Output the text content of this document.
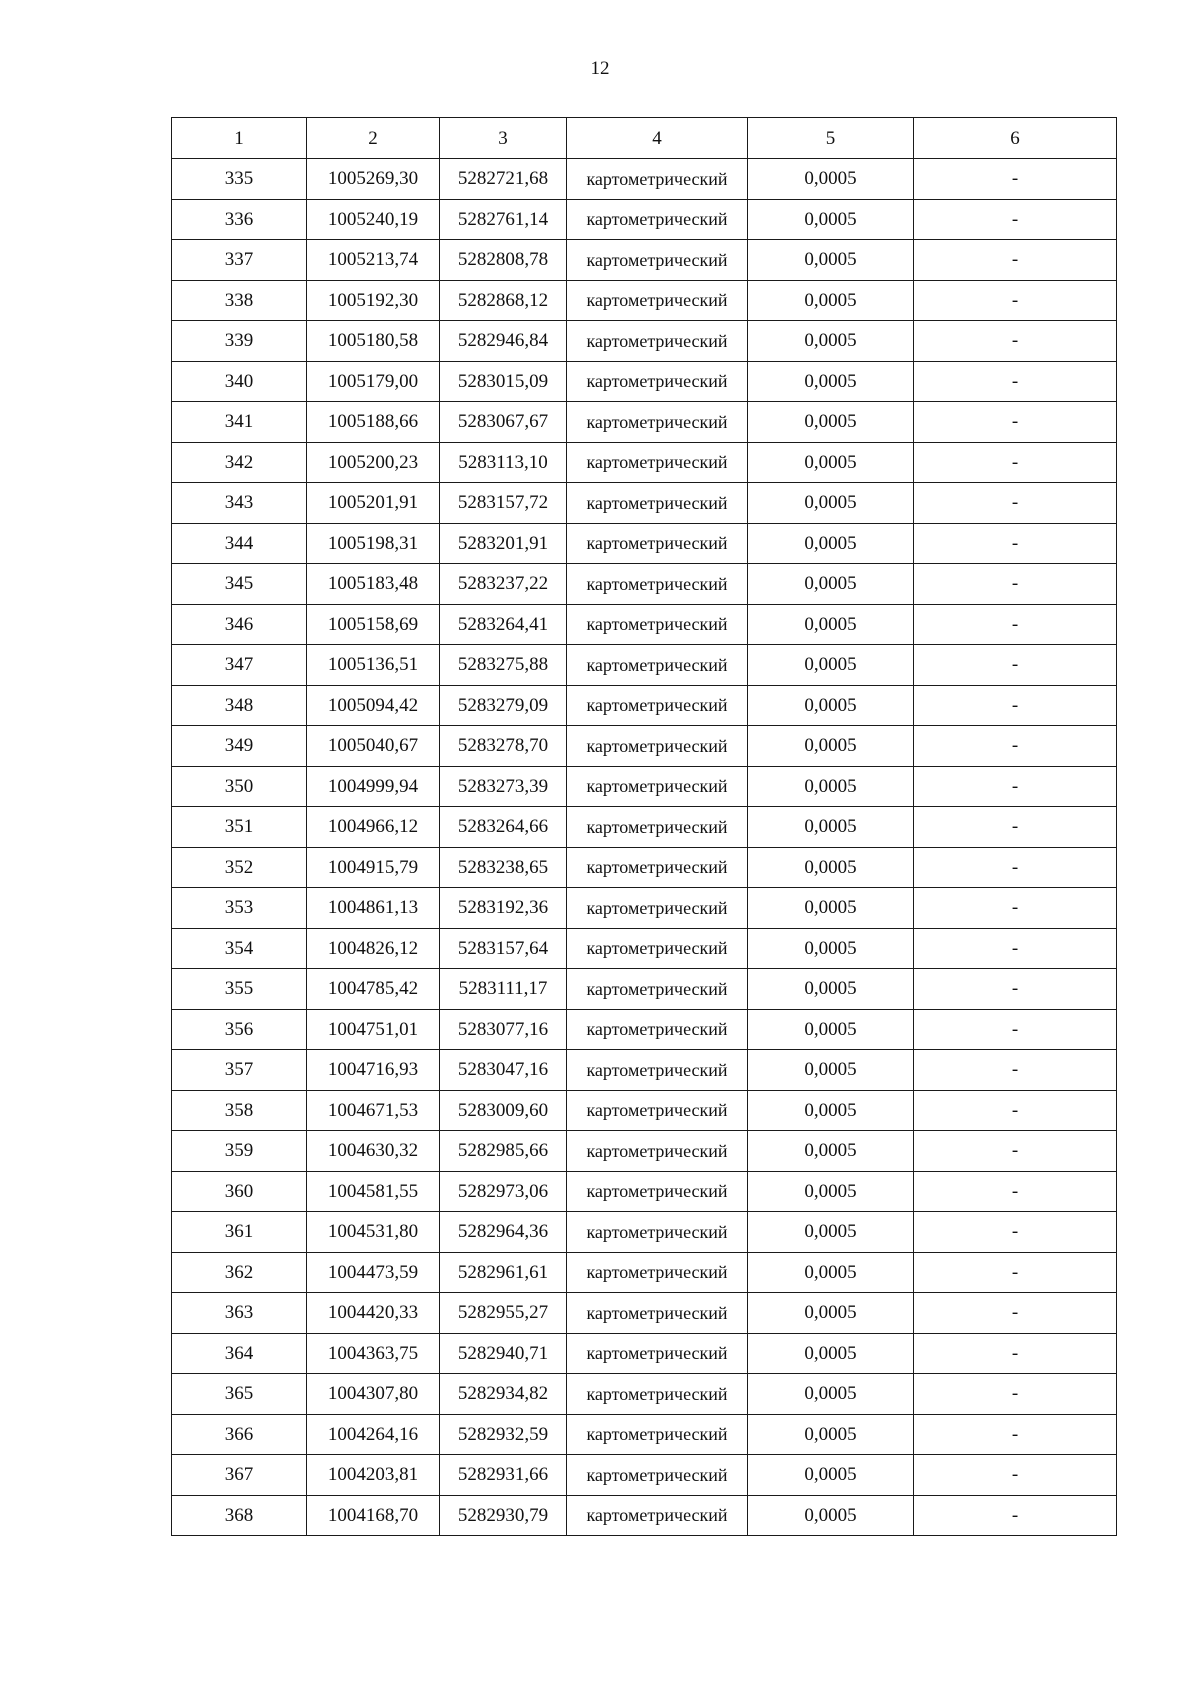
12
1	2	3	4	5	6
335	1005269,30	5282721,68	картометрический	0,0005	-
336	1005240,19	5282761,14	картометрический	0,0005	-
337	1005213,74	5282808,78	картометрический	0,0005	-
338	1005192,30	5282868,12	картометрический	0,0005	-
339	1005180,58	5282946,84	картометрический	0,0005	-
340	1005179,00	5283015,09	картометрический	0,0005	-
341	1005188,66	5283067,67	картометрический	0,0005	-
342	1005200,23	5283113,10	картометрический	0,0005	-
343	1005201,91	5283157,72	картометрический	0,0005	-
344	1005198,31	5283201,91	картометрический	0,0005	-
345	1005183,48	5283237,22	картометрический	0,0005	-
346	1005158,69	5283264,41	картометрический	0,0005	-
347	1005136,51	5283275,88	картометрический	0,0005	-
348	1005094,42	5283279,09	картометрический	0,0005	-
349	1005040,67	5283278,70	картометрический	0,0005	-
350	1004999,94	5283273,39	картометрический	0,0005	-
351	1004966,12	5283264,66	картометрический	0,0005	-
352	1004915,79	5283238,65	картометрический	0,0005	-
353	1004861,13	5283192,36	картометрический	0,0005	-
354	1004826,12	5283157,64	картометрический	0,0005	-
355	1004785,42	5283111,17	картометрический	0,0005	-
356	1004751,01	5283077,16	картометрический	0,0005	-
357	1004716,93	5283047,16	картометрический	0,0005	-
358	1004671,53	5283009,60	картометрический	0,0005	-
359	1004630,32	5282985,66	картометрический	0,0005	-
360	1004581,55	5282973,06	картометрический	0,0005	-
361	1004531,80	5282964,36	картометрический	0,0005	-
362	1004473,59	5282961,61	картометрический	0,0005	-
363	1004420,33	5282955,27	картометрический	0,0005	-
364	1004363,75	5282940,71	картометрический	0,0005	-
365	1004307,80	5282934,82	картометрический	0,0005	-
366	1004264,16	5282932,59	картометрический	0,0005	-
367	1004203,81	5282931,66	картометрический	0,0005	-
368	1004168,70	5282930,79	картометрический	0,0005	-
